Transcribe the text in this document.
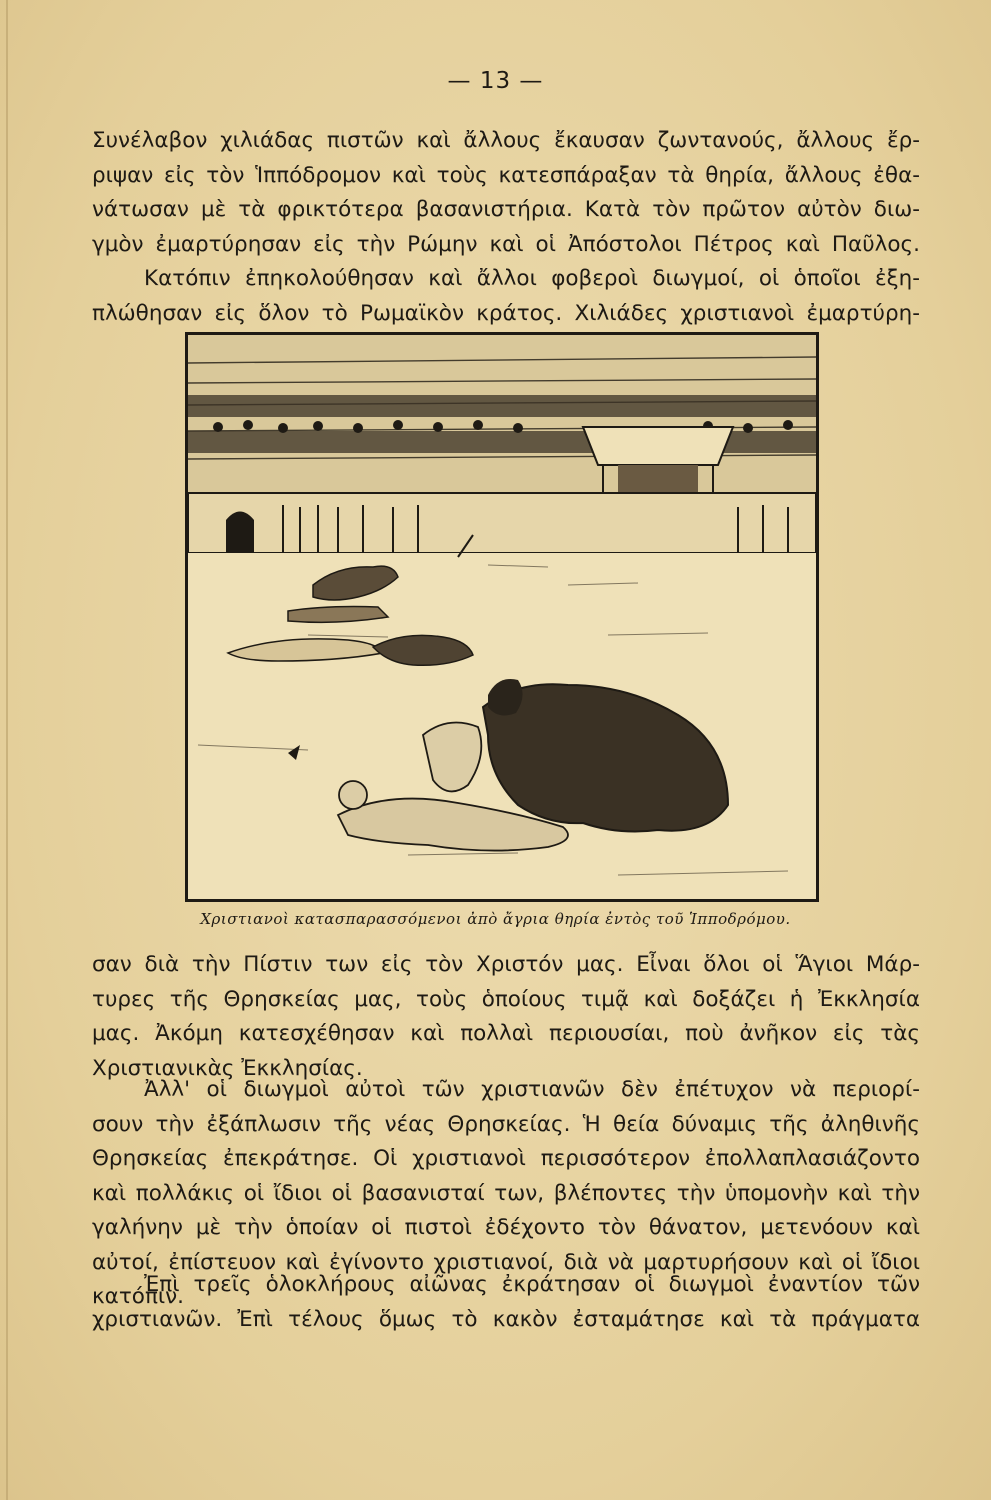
— 13 —
Συνέλαβον χιλιάδας πιστῶν καὶ ἄλλους ἔκαυσαν ζωντανούς, ἄλλους ἔρ-
ριψαν εἰς τὸν Ἱππόδρομον καὶ τοὺς κατεσπάραξαν τὰ θηρία, ἄλλους ἐθα-
νάτωσαν μὲ τὰ φρικτότερα βασανιστήρια. Κατὰ τὸν πρῶτον αὐτὸν διω-
γμὸν ἐμαρτύρησαν εἰς τὴν Ρώμην καὶ οἱ Ἀπόστολοι Πέτρος καὶ Παῦλος.
Κατόπιν ἐπηκολούθησαν καὶ ἄλλοι φοβεροὶ διωγμοί, οἱ ὁποῖοι ἐξη-
πλώθησαν εἰς ὅλον τὸ Ρωμαϊκὸν κράτος. Χιλιάδες χριστιανοὶ ἐμαρτύρη-
Χριστιανοὶ κατασπαρασσόμενοι ἀπὸ ἄγρια θηρία ἐντὸς τοῦ Ἱπποδρόμου.
σαν διὰ τὴν Πίστιν των εἰς τὸν Χριστόν μας. Εἶναι ὅλοι οἱ Ἅγιοι Μάρ-
τυρες τῆς Θρησκείας μας, τοὺς ὁποίους τιμᾷ καὶ δοξάζει ἡ Ἐκκλησία
μας. Ἀκόμη κατεσχέθησαν καὶ πολλαὶ περιουσίαι, ποὺ ἀνῆκον εἰς τὰς
Χριστιανικὰς Ἐκκλησίας.
Ἀλλ' οἱ διωγμοὶ αὐτοὶ τῶν χριστιανῶν δὲν ἐπέτυχον νὰ περιορί-
σουν τὴν ἐξάπλωσιν τῆς νέας Θρησκείας. Ἡ θεία δύναμις τῆς ἀληθινῆς
Θρησκείας ἐπεκράτησε. Οἱ χριστιανοὶ περισσότερον ἐπολλαπλασιάζοντο
καὶ πολλάκις οἱ ἴδιοι οἱ βασανισταί των, βλέποντες τὴν ὑπομονὴν καὶ τὴν
γαλήνην μὲ τὴν ὁποίαν οἱ πιστοὶ ἐδέχοντο τὸν θάνατον, μετενόουν καὶ
αὐτοί, ἐπίστευον καὶ ἐγίνοντο χριστιανοί, διὰ νὰ μαρτυρήσουν καὶ οἱ ἴδιοι
κατόπιν.
Ἐπὶ τρεῖς ὁλοκλήρους αἰῶνας ἐκράτησαν οἱ διωγμοὶ ἐναντίον τῶν
χριστιανῶν. Ἐπὶ τέλους ὅμως τὸ κακὸν ἐσταμάτησε καὶ τὰ πράγματα
